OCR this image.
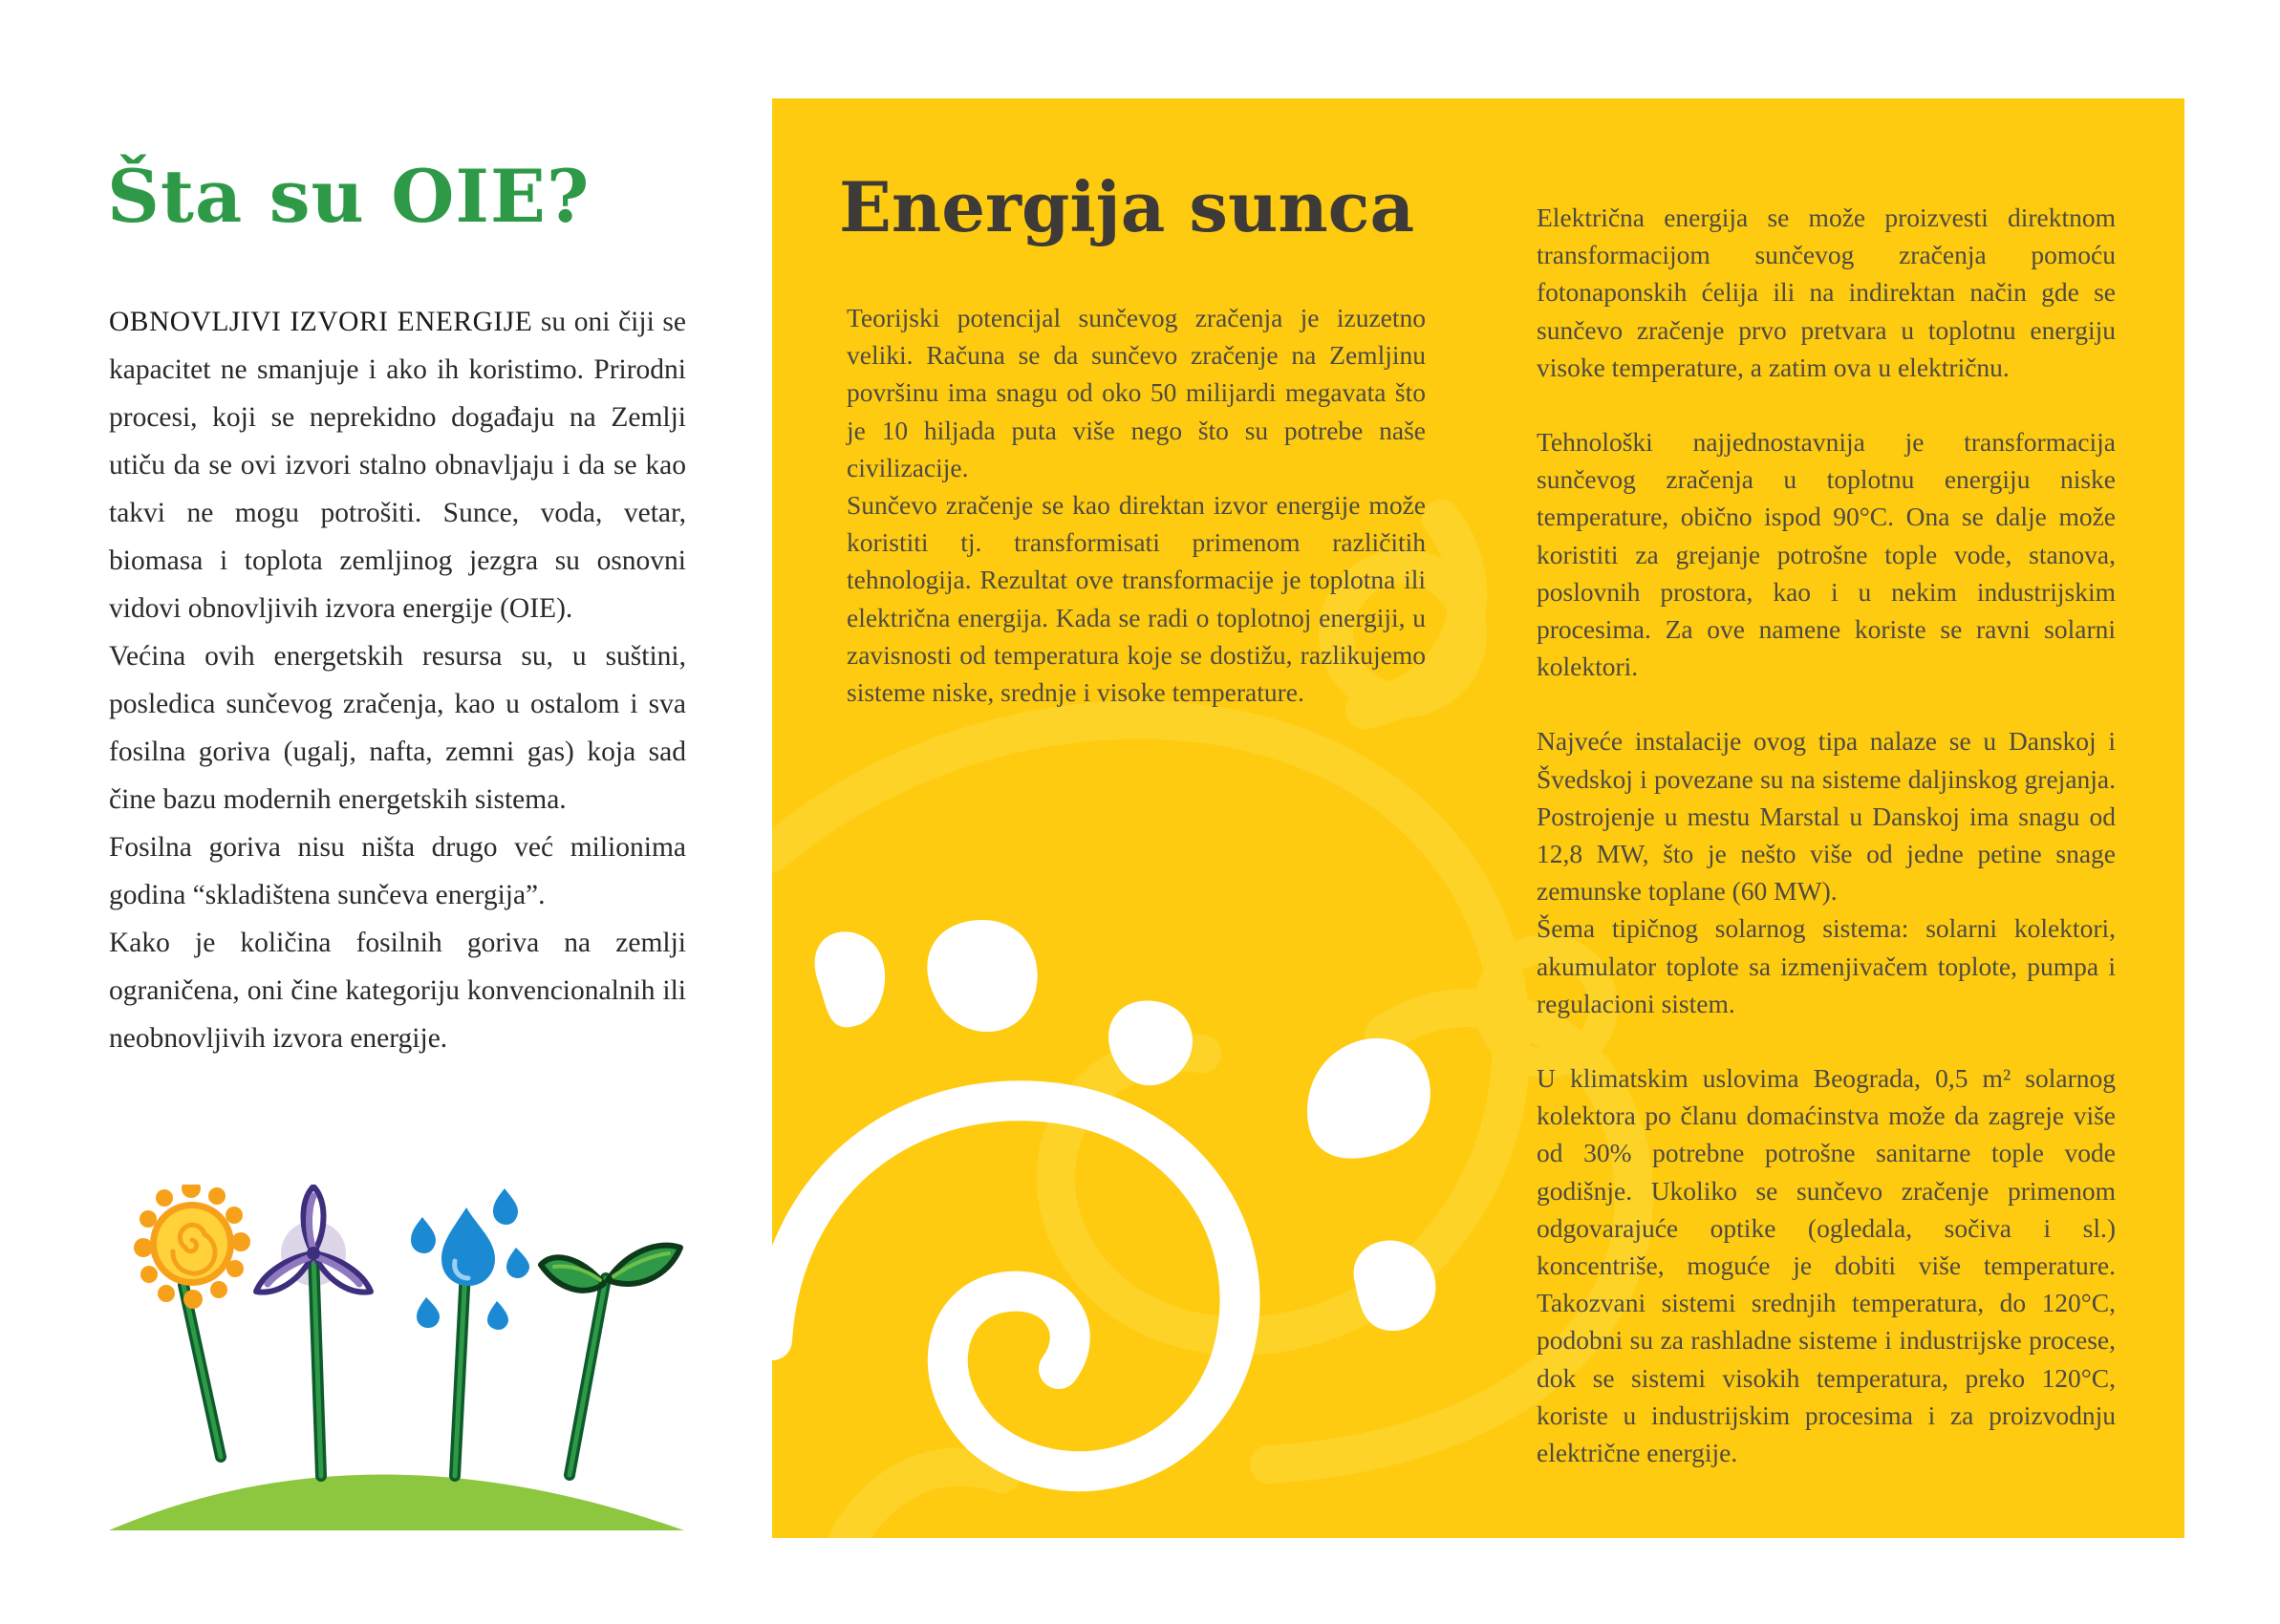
Šta su OIE?

OBNOVLJIVI IZVORI ENERGIJE su oni čiji se kapacitet ne smanjuje i ako ih koristimo. Prirodni procesi, koji se neprekidno događaju na Zemlji utiču da se ovi izvori stalno obnavljaju i da se kao takvi ne mogu potrošiti. Sunce, voda, vetar, biomasa i toplota zemljinog jezgra su osnovni vidovi obnovljivih izvora energije (OIE).

Većina ovih energetskih resursa su, u suštini, posledica sunčevog zračenja, kao u ostalom i sva fosilna goriva (ugalj, nafta, zemni gas) koja sad čine bazu modernih energetskih sistema.

Fosilna goriva nisu ništa drugo već milionima godina “skladištena sunčeva energija”.

Kako je količina fosilnih goriva na zemlji ograničena, oni čine kategoriju konvencionalnih ili neobnovljivih izvora energije.

Energija sunca

Teorijski potencijal sunčevog zračenja je izuzetno veliki. Računa se da sunčevo zračenje na Zemljinu površinu ima snagu od oko 50 milijardi megavata što je 10 hiljada puta više nego što su potrebe naše civilizacije.

Sunčevo zračenje se kao direktan izvor energije može koristiti tj. transformisati primenom različitih tehnologija. Rezultat ove transformacije je toplotna ili električna energija. Kada se radi o toplotnoj energiji, u zavisnosti od temperatura koje se dostižu, razlikujemo sisteme niske, srednje i visoke temperature.

Električna energija se može proizvesti direktnom transformacijom sunčevog zračenja pomoću fotonaponskih ćelija ili na indirektan način gde se sunčevo zračenje prvo pretvara u toplotnu energiju visoke temperature, a zatim ova u električnu.

Tehnološki najjednostavnija je transformacija sunčevog zračenja u toplotnu energiju niske temperature, obično ispod 90°C. Ona se dalje može koristiti za grejanje potrošne tople vode, stanova, poslovnih prostora, kao i u nekim industrijskim procesima. Za ove namene koriste se ravni solarni kolektori.

Najveće instalacije ovog tipa nalaze se u Danskoj i Švedskoj i povezane su na sisteme daljinskog grejanja. Postrojenje u mestu Marstal u Danskoj ima snagu od 12,8 MW, što je nešto više od jedne petine snage zemunske toplane (60 MW).

Šema tipičnog solarnog sistema: solarni kolektori, akumulator toplote sa izmenjivačem toplote, pumpa i regulacioni sistem.

U klimatskim uslovima Beograda, 0,5 m² solarnog kolektora po članu domaćinstva može da zagreje više od 30% potrebne potrošne sanitarne tople vode godišnje. Ukoliko se sunčevo zračenje primenom odgovarajuće optike (ogledala, sočiva i sl.) koncentriše, moguće je dobiti više temperature. Takozvani sistemi srednjih temperatura, do 120°C, podobni su za rashladne sisteme i industrijske procese, dok se sistemi visokih temperatura, preko 120°C, koriste u industrijskim procesima i za proizvodnju električne energije.
